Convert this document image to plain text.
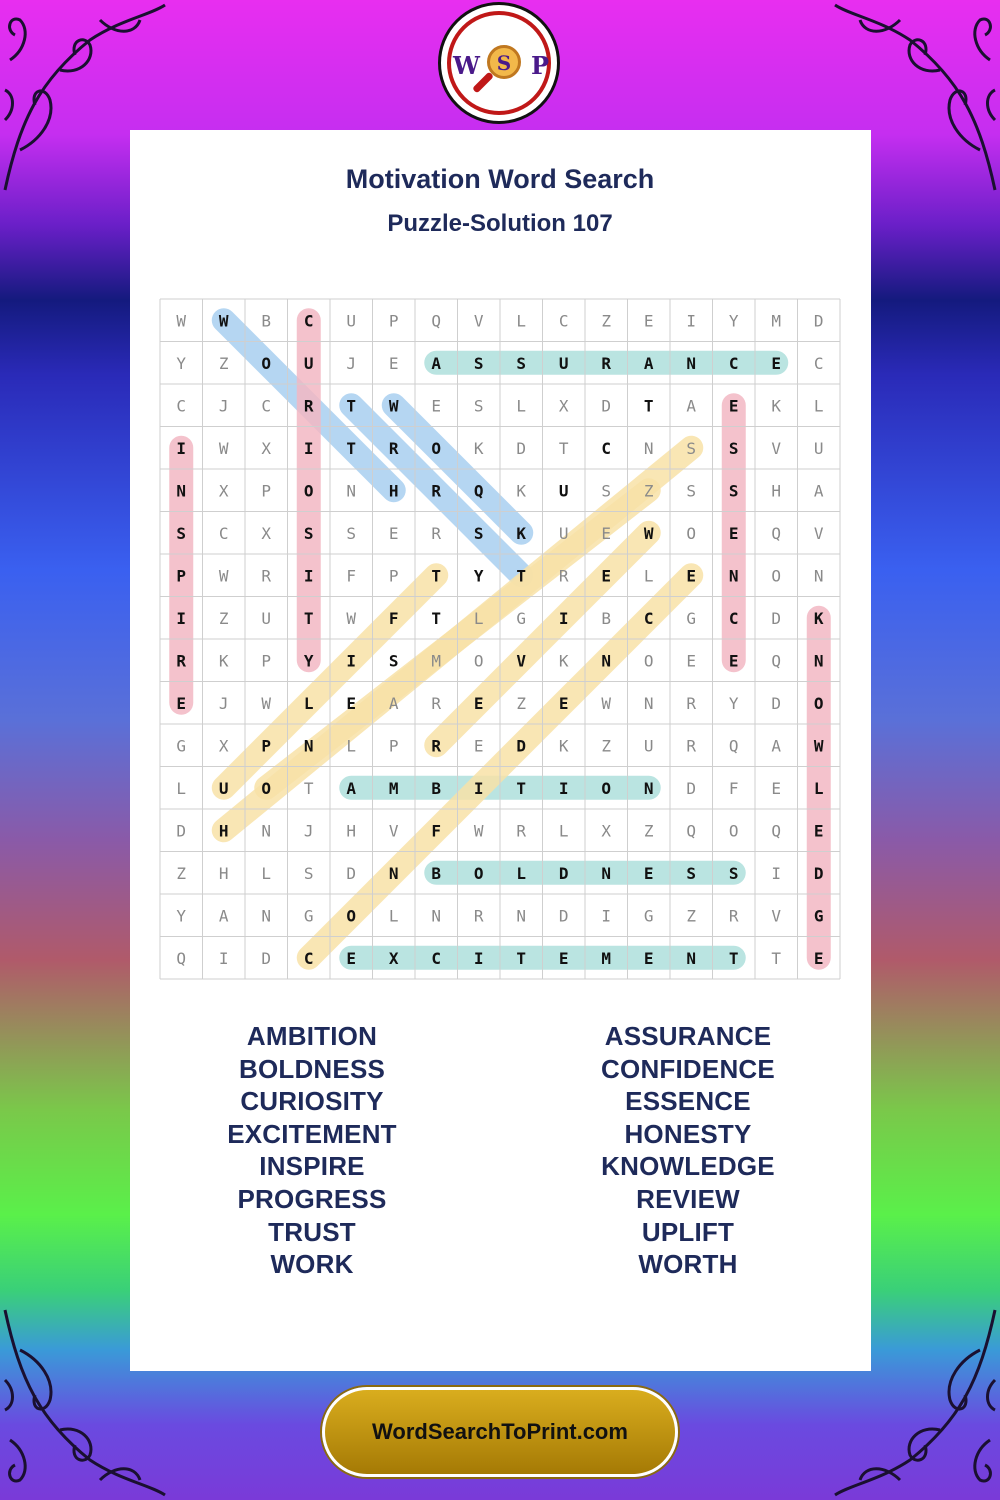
W S P
Motivation Word Search
Puzzle-Solution 107
W W B C U P Q V L C Z E I Y M D
Y Z O U J E A S S U R A N C E C
C J C R T W E S L X D T A E K L
I W X I T R O K D T C N S S V U
N X P O N H R Q K U S Z S S H A
S C X S S E R S K U E W O E Q V
P W R I F P T Y T R E L E N O N
I Z U T W F T L G I B C G C D K
R K P Y I S M O V K N O E E Q N
E J W L E A R E Z E W N R Y D O
G X P N L P R E D K Z U R Q A W
L U O T A M B I T I O N D F E L
D H N J H V F W R L X Z Q O Q E
Z H L S D N B O L D N E S S I D
Y A N G O L N R N D I G Z R V G
Q I D C E X C I T E M E N T T E
AMBITION
BOLDNESS
CURIOSITY
EXCITEMENT
INSPIRE
PROGRESS
TRUST
WORK
ASSURANCE
CONFIDENCE
ESSENCE
HONESTY
KNOWLEDGE
REVIEW
UPLIFT
WORTH
WordSearchToPrint.com
